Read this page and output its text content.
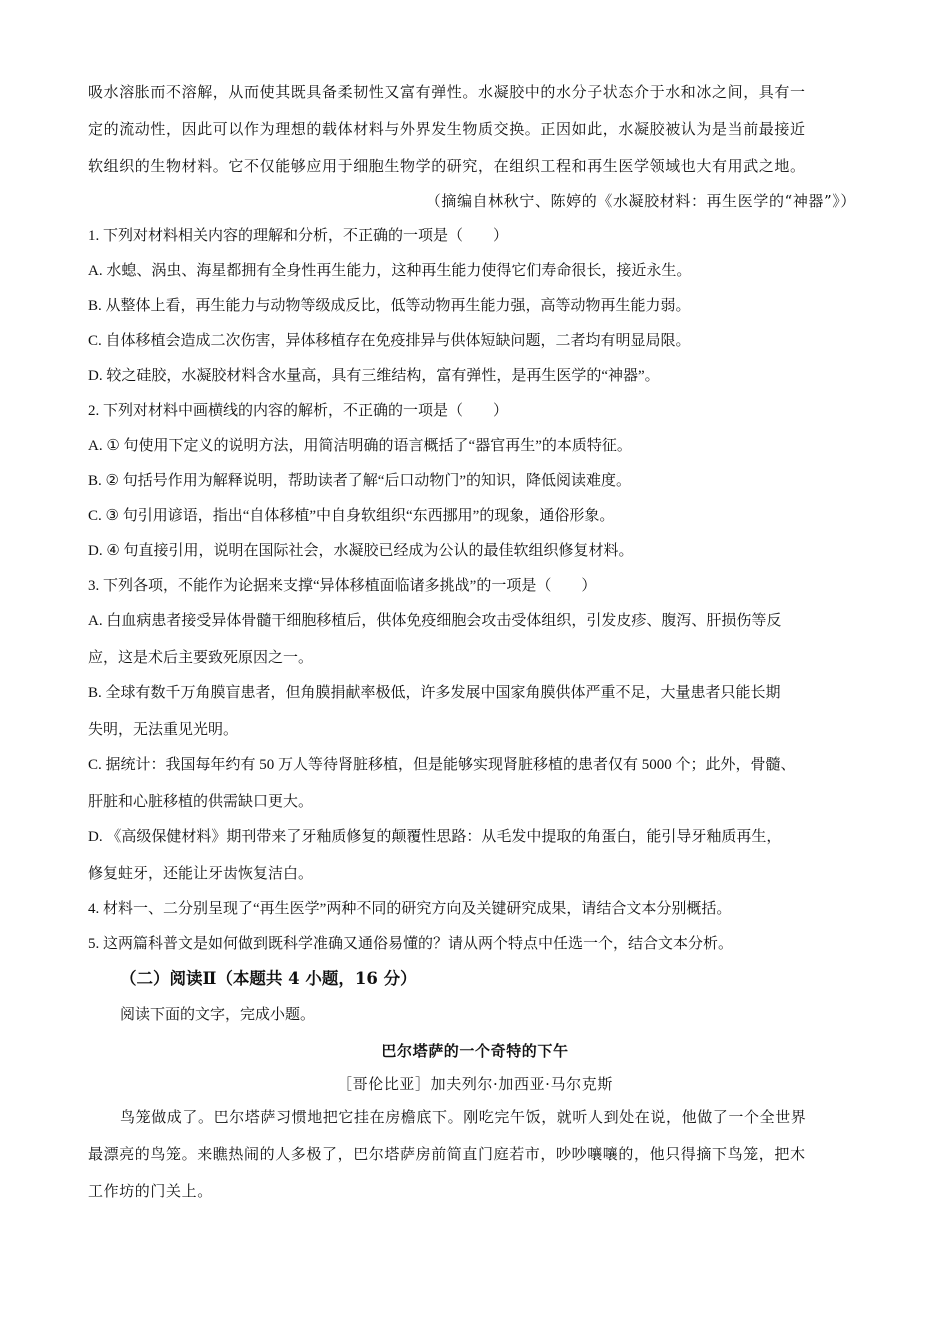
吸水溶胀而不溶解，从而使其既具备柔韧性又富有弹性。水凝胶中的水分子状态介于水和冰之间，具有一
定的流动性，因此可以作为理想的载体材料与外界发生物质交换。正因如此，水凝胶被认为是当前最接近
软组织的生物材料。它不仅能够应用于细胞生物学的研究，在组织工程和再生医学领域也大有用武之地。
（摘编自林秋宁、陈婷的《水凝胶材料：再生医学的“神器”》）
1. 下列对材料相关内容的理解和分析，不正确的一项是（　　）
A. 水螅、涡虫、海星都拥有全身性再生能力，这种再生能力使得它们寿命很长，接近永生。
B. 从整体上看，再生能力与动物等级成反比，低等动物再生能力强，高等动物再生能力弱。
C. 自体移植会造成二次伤害，异体移植存在免疫排异与供体短缺问题，二者均有明显局限。
D. 较之硅胶，水凝胶材料含水量高，具有三维结构，富有弹性，是再生医学的“神器”。
2. 下列对材料中画横线的内容的解析，不正确的一项是（　　）
A. ① 句使用下定义的说明方法，用简洁明确的语言概括了“器官再生”的本质特征。
B. ② 句括号作用为解释说明，帮助读者了解“后口动物门”的知识，降低阅读难度。
C. ③ 句引用谚语，指出“自体移植”中自身软组织“东西挪用”的现象，通俗形象。
D. ④ 句直接引用，说明在国际社会，水凝胶已经成为公认的最佳软组织修复材料。
3. 下列各项，不能作为论据来支撑“异体移植面临诸多挑战”的一项是（　　）
A. 白血病患者接受异体骨髓干细胞移植后，供体免疫细胞会攻击受体组织，引发皮疹、腹泻、肝损伤等反
应，这是术后主要致死原因之一。
B. 全球有数千万角膜盲患者，但角膜捐献率极低，许多发展中国家角膜供体严重不足，大量患者只能长期
失明，无法重见光明。
C. 据统计：我国每年约有 50 万人等待肾脏移植，但是能够实现肾脏移植的患者仅有 5000 个；此外，骨髓、
肝脏和心脏移植的供需缺口更大。
D. 《高级保健材料》期刊带来了牙釉质修复的颠覆性思路：从毛发中提取的角蛋白，能引导牙釉质再生，
修复蛀牙，还能让牙齿恢复洁白。
4. 材料一、二分别呈现了“再生医学”两种不同的研究方向及关键研究成果，请结合文本分别概括。
5. 这两篇科普文是如何做到既科学准确又通俗易懂的？请从两个特点中任选一个，结合文本分析。
（二）阅读Ⅱ（本题共 4 小题，16 分）
阅读下面的文字，完成小题。
巴尔塔萨的一个奇特的下午
［哥伦比亚］加夫列尔·加西亚·马尔克斯
鸟笼做成了。巴尔塔萨习惯地把它挂在房檐底下。刚吃完午饭，就听人到处在说，他做了一个全世界
最漂亮的鸟笼。来瞧热闹的人多极了，巴尔塔萨房前简直门庭若市，吵吵嚷嚷的，他只得摘下鸟笼，把木
工作坊的门关上。
